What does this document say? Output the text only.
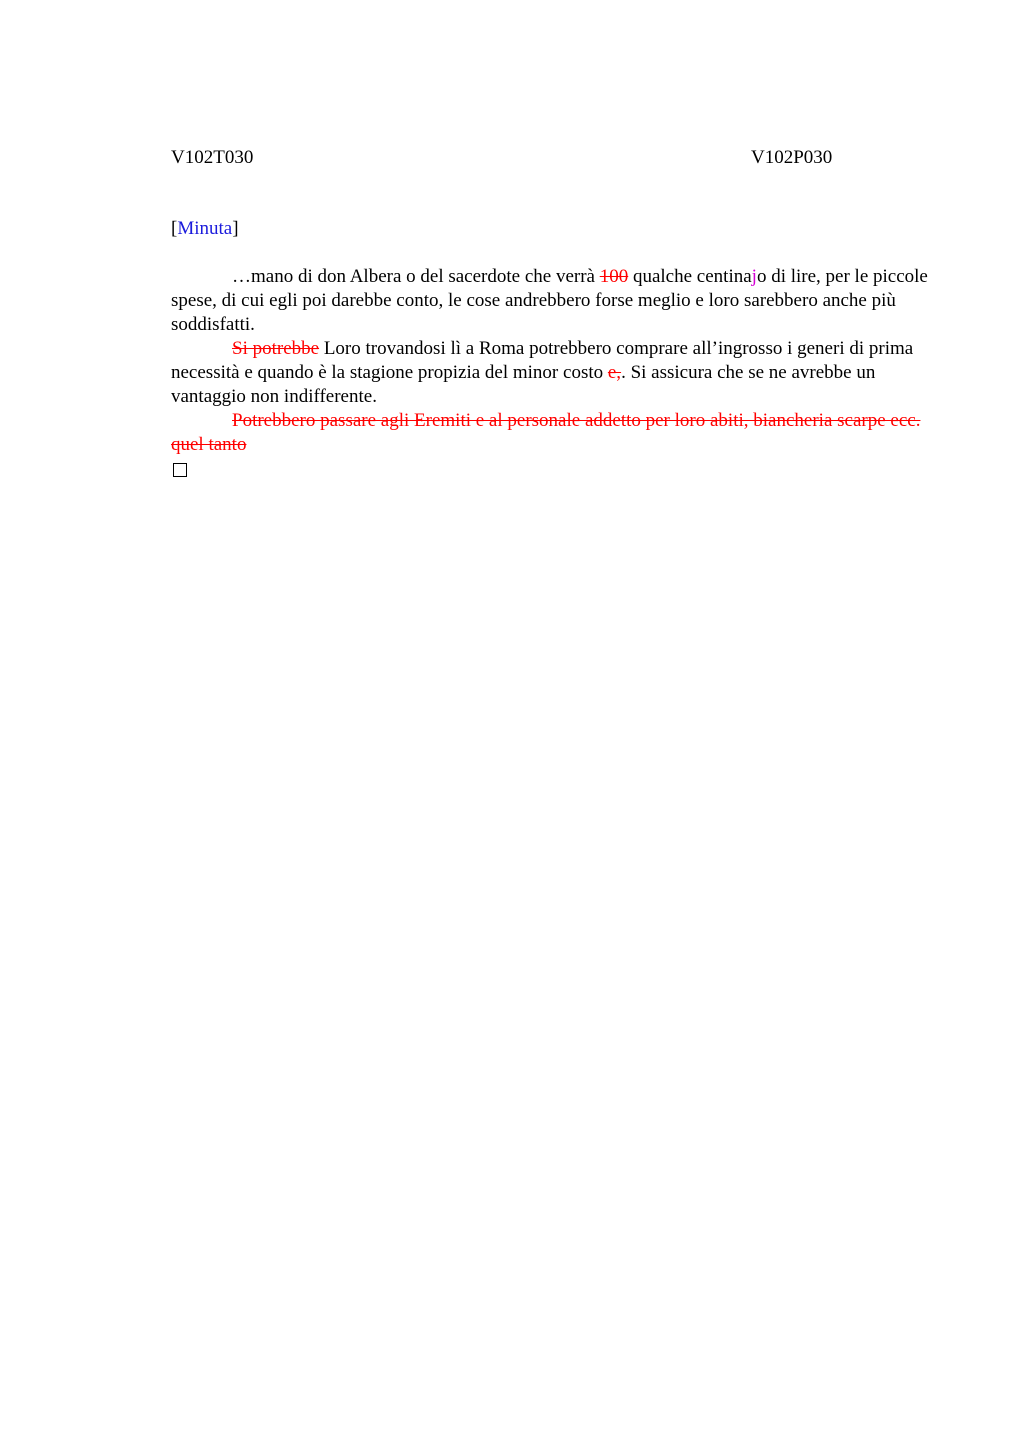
V102T030	V102P030
[Minuta]

…mano di don Albera o del sacerdote che verrà 100 qualche centinajo di lire, per le piccole spese, di cui egli poi darebbe conto, le cose andrebbero forse meglio e loro sarebbero anche più soddisfatti.

Si potrebbe Loro trovandosi lì a Roma potrebbero comprare all’ingrosso i generi di prima necessità e quando è la stagione propizia del minor costo e,. Si assicura che se ne avrebbe un vantaggio non indifferente.

Potrebbero passare agli Eremiti e al personale addetto per loro abiti, biancheria scarpe ecc. quel tanto
